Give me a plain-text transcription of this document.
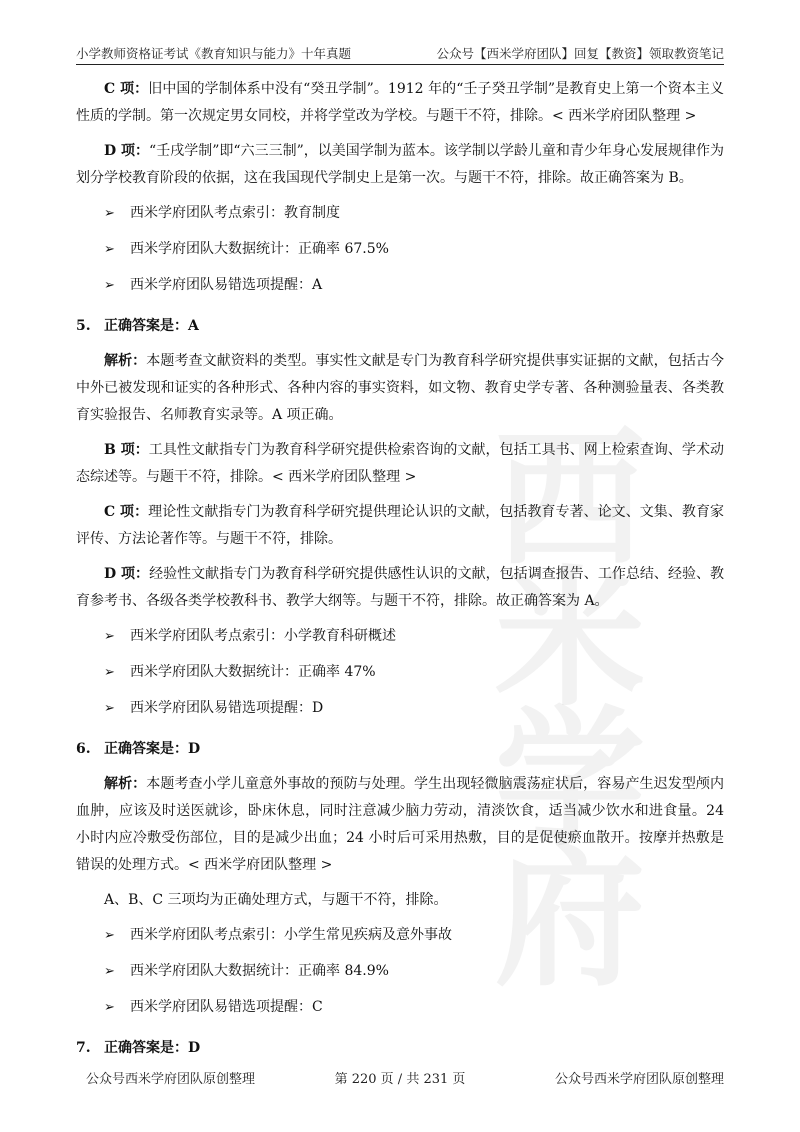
小学教师资格证考试《教育知识与能力》十年真题	公众号【西米学府团队】回复【教资】领取教资笔记
西米学府

C 项：旧中国的学制体系中没有“癸丑学制”。1912 年的“壬子癸丑学制”是教育史上第一个资本主义性质的学制。第一次规定男女同校，并将学堂改为学校。与题干不符，排除。< 西米学府团队整理 >

D 项：“壬戌学制”即“六三三制”，以美国学制为蓝本。该学制以学龄儿童和青少年身心发展规律作为划分学校教育阶段的依据，这在我国现代学制史上是第一次。与题干不符，排除。故正确答案为 B。

➢ 西米学府团队考点索引：教育制度
➢ 西米学府团队大数据统计：正确率 67.5%
➢ 西米学府团队易错选项提醒：A
5. 正确答案是：A

解析：本题考查文献资料的类型。事实性文献是专门为教育科学研究提供事实证据的文献，包括古今中外已被发现和证实的各种形式、各种内容的事实资料，如文物、教育史学专著、各种测验量表、各类教育实验报告、名师教育实录等。A 项正确。

B 项：工具性文献指专门为教育科学研究提供检索咨询的文献，包括工具书、网上检索查询、学术动态综述等。与题干不符，排除。< 西米学府团队整理 >

C 项：理论性文献指专门为教育科学研究提供理论认识的文献，包括教育专著、论文、文集、教育家评传、方法论著作等。与题干不符，排除。

D 项：经验性文献指专门为教育科学研究提供感性认识的文献，包括调查报告、工作总结、经验、教育参考书、各级各类学校教科书、教学大纲等。与题干不符，排除。故正确答案为 A。

➢ 西米学府团队考点索引：小学教育科研概述
➢ 西米学府团队大数据统计：正确率 47%
➢ 西米学府团队易错选项提醒：D
6. 正确答案是：D

解析：本题考查小学儿童意外事故的预防与处理。学生出现轻微脑震荡症状后，容易产生迟发型颅内血肿，应该及时送医就诊，卧床休息，同时注意减少脑力劳动，清淡饮食，适当减少饮水和进食量。24 小时内应冷敷受伤部位，目的是减少出血；24 小时后可采用热敷，目的是促使瘀血散开。按摩并热敷是错误的处理方式。< 西米学府团队整理 >

A、B、C 三项均为正确处理方式，与题干不符，排除。

➢ 西米学府团队考点索引：小学生常见疾病及意外事故
➢ 西米学府团队大数据统计：正确率 84.9%
➢ 西米学府团队易错选项提醒：C
7. 正确答案是：D
公众号西米学府团队原创整理	第 220 页 / 共 231 页	公众号西米学府团队原创整理
